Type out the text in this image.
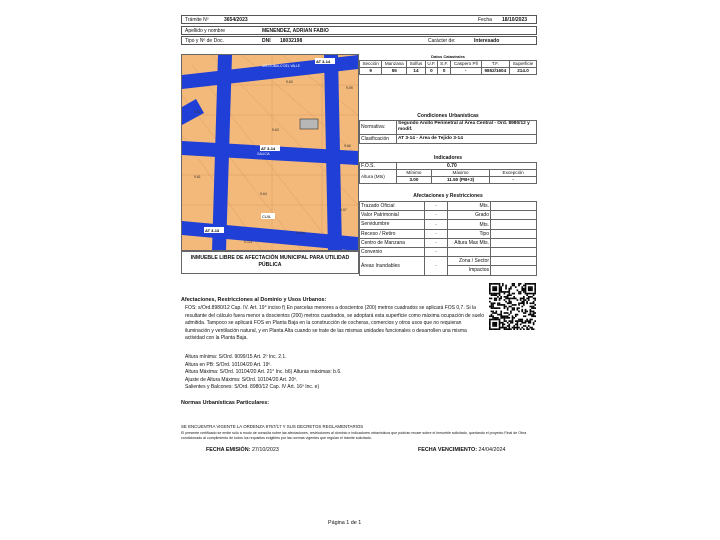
Trámite Nº	3654/2023	Fecha 18/10/2023
Apellido y nombre	MENENDEZ, ADRIAN FABIO
Tipo y Nº de Doc.	DNI 18032198	Carácter de:	Interesado
ARISTOBULO DEL VALLE
GALICIA
AT 3-14
AT 3-14
AT 3-13
CUIL
9-60
9-59
9-62
9-63
9-61
9-66
9-64
9-124
9-121
9-57
Datos Catastrales
Sección	Manzana	Solfus	U.F.	S.F.	Caspero Pll	T.F.	Superficie
9	55	14	0	0	-	9852/1604	214.0
Condiciones Urbanísticas
Normativa:	Segundo Anillo Perimetral al Área Central - Ord. 8980/12 y modif.
Clasificación	AT 3-14 - Área de Tejido 3-14
Indicadores
F.O.S.	0.70		
Altura (Mts)	Mínimo	Máximo	Excepción
	3.00	11.50 (PB+3)	-
Afectaciones y Restricciones
Trazado Oficial	-	Mts.	
Valor Patrimonial	-	Grado	
Servidumbre	-	Mts.	
Receso / Retiro	-	Tipo	
Centro de Manzana	-	Altura Max Mts.	
Convenio	-		
Áreas Inundables	-	Zona / Sector	
		Impactos	
INMUEBLE LIBRE DE AFECTACIÓN MUNICIPAL PARA UTILIDAD PÚBLICA
Afectaciones, Restricciones al Dominio y Usos Urbanos:
FOS: s/Ord.8980/12 Cap. IV. Art. 19° inciso f) En parcelas menores a doscientos (200) metros cuadrados se aplicará FOS 0,7. Si la resultante del cálculo fuera menor a doscientos (200) metros cuadrados, se adoptará esta superficie como máxima ocupación de suelo admitida. Tampoco se aplicará FOS en Planta Baja en la construcción de cocheras, comercios y otros usos que no requieran iluminación y ventilación natural, y en Planta Alta cuando se trate de las mismas unidades funcionales o desarrollen una misma actividad con la Planta Baja.
Altura mínima: S/Ord. 9099/15 Art. 2º Inc. 2.1.
Altura en PB: S/Ord. 10104/20 Art. 19º.
Altura Máxima: S/Ord. 10104/20 Art. 21° Inc. b6) Alturas máximas: b.6.
Ajuste de Altura Máxima: S/Ord. 10104/20 Art. 20º.
Salientes y Balcones: S/Ord. 8980/12 Cap. IV Art. 16º Inc. e)
Normas Urbanísticas Particulares:
SE ENCUENTRA VIGENTE LA ORDENZA 9757/17 Y SUS DECRETOS REGLAMENTARIOS
El presente certificado se emite sólo a modo de consulta sobre las afectaciones, restricciones al dominio e indicadores urbanísticos que podrían recaer sobre el inmueble solicitado, quedando el proyecto Final de Obra condicionado al cumplimiento de todos los requisitos exigibles por las normas vigentes que regulan el trámite solicitado.
FECHA EMISIÓN: 27/10/2023	FECHA VENCIMIENTO: 24/04/2024
Página 1 de 1
